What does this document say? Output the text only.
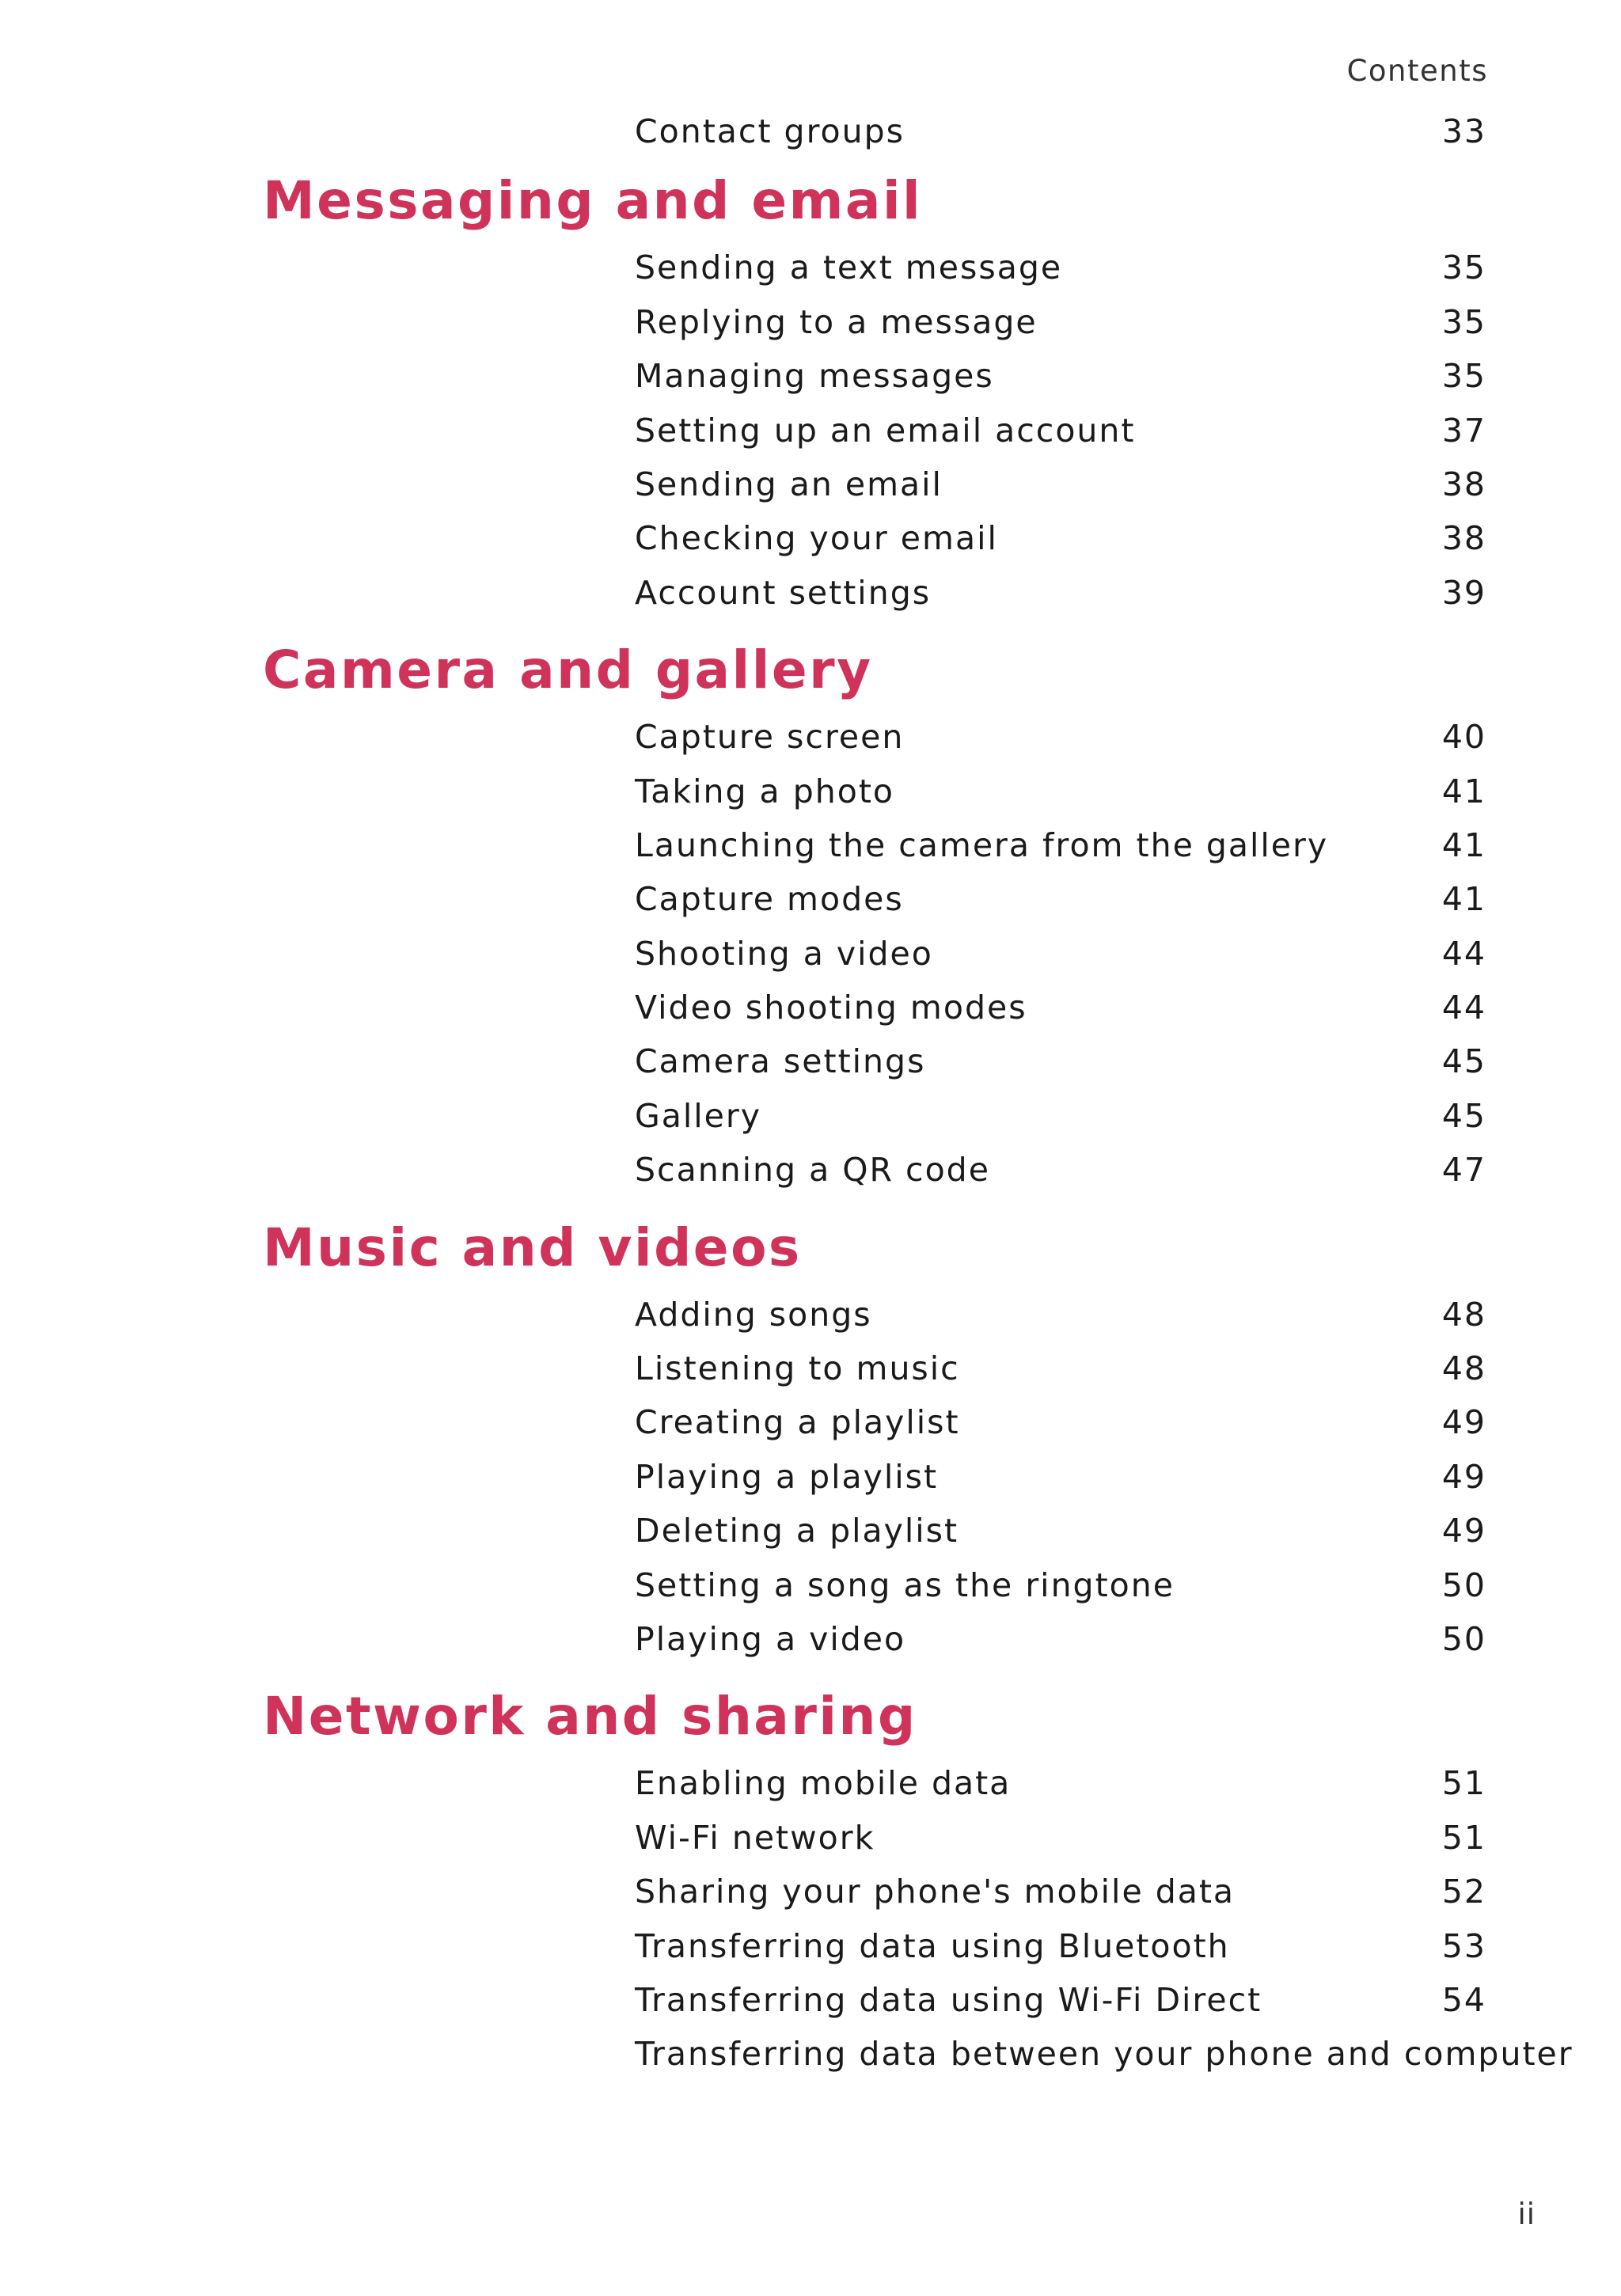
Contents
Contact groups	33
Messaging and email
Sending a text message	35
Replying to a message	35
Managing messages	35
Setting up an email account	37
Sending an email	38
Checking your email	38
Account settings	39
Camera and gallery
Capture screen	40
Taking a photo	41
Launching the camera from the gallery	41
Capture modes	41
Shooting a video	44
Video shooting modes	44
Camera settings	45
Gallery	45
Scanning a QR code	47
Music and videos
Adding songs	48
Listening to music	48
Creating a playlist	49
Playing a playlist	49
Deleting a playlist	49
Setting a song as the ringtone	50
Playing a video	50
Network and sharing
Enabling mobile data	51
Wi-Fi network	51
Sharing your phone's mobile data	52
Transferring data using Bluetooth	53
Transferring data using Wi-Fi Direct	54
Transferring data between your phone and computer
ii
